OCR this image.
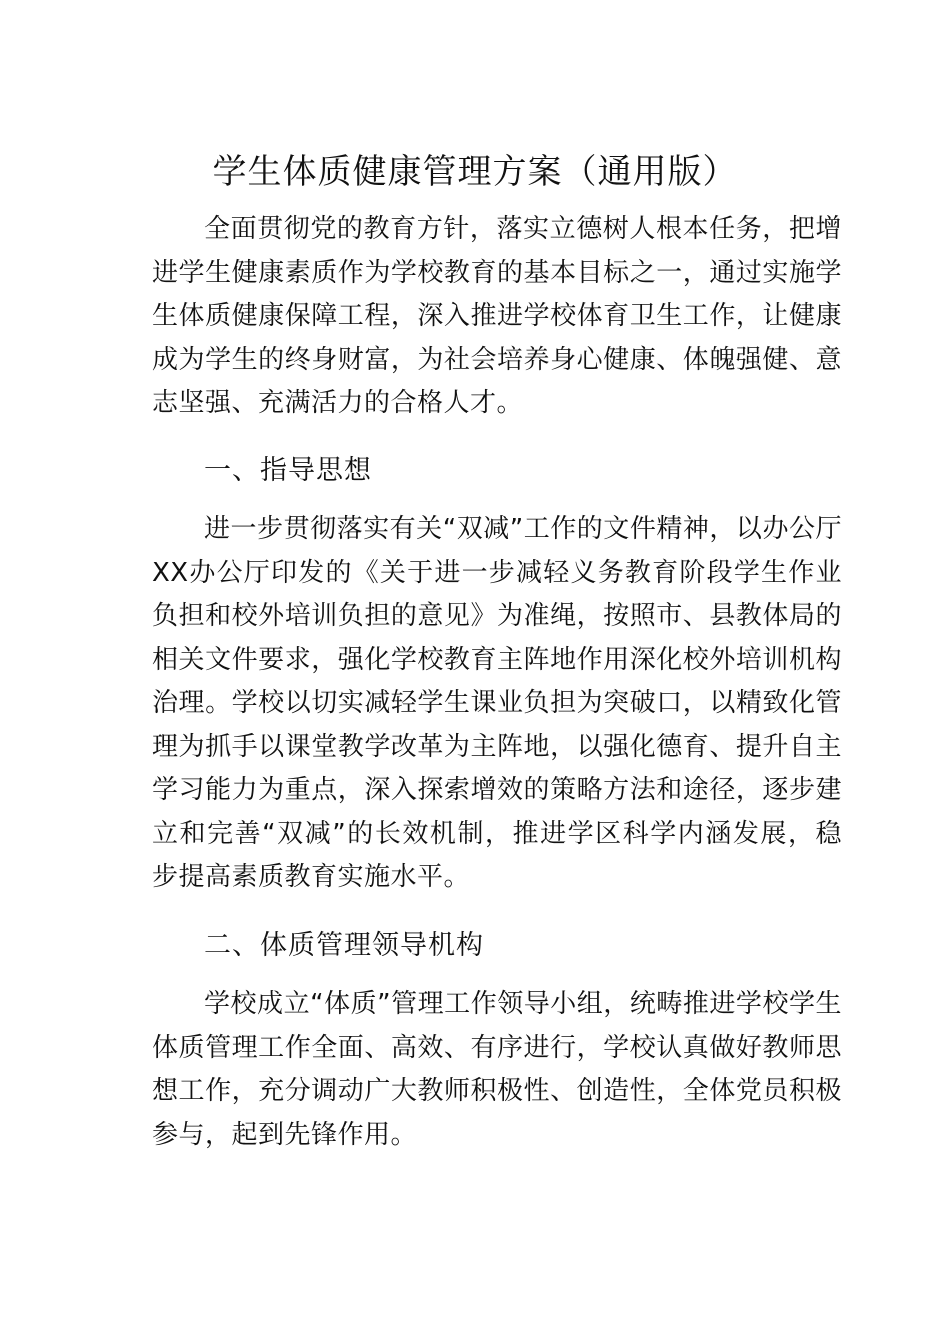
学生体质健康管理方案（通用版）

全面贯彻党的教育方针，落实立德树人根本任务，把增进学生健康素质作为学校教育的基本目标之一，通过实施学生体质健康保障工程，深入推进学校体育卫生工作，让健康成为学生的终身财富，为社会培养身心健康、体魄强健、意志坚强、充满活力的合格人才。

一、指导思想

进一步贯彻落实有关“双减”工作的文件精神，以办公厅XX办公厅印发的《关于进一步减轻义务教育阶段学生作业负担和校外培训负担的意见》为准绳，按照市、县教体局的相关文件要求，强化学校教育主阵地作用深化校外培训机构治理。学校以切实减轻学生课业负担为突破口，以精致化管理为抓手以课堂教学改革为主阵地，以强化德育、提升自主学习能力为重点，深入探索增效的策略方法和途径，逐步建立和完善“双减”的长效机制，推进学区科学内涵发展，稳步提高素质教育实施水平。

二、体质管理领导机构

学校成立“体质”管理工作领导小组，统畴推进学校学生体质管理工作全面、高效、有序进行，学校认真做好教师思想工作，充分调动广大教师积极性、创造性，全体党员积极参与，起到先锋作用。
